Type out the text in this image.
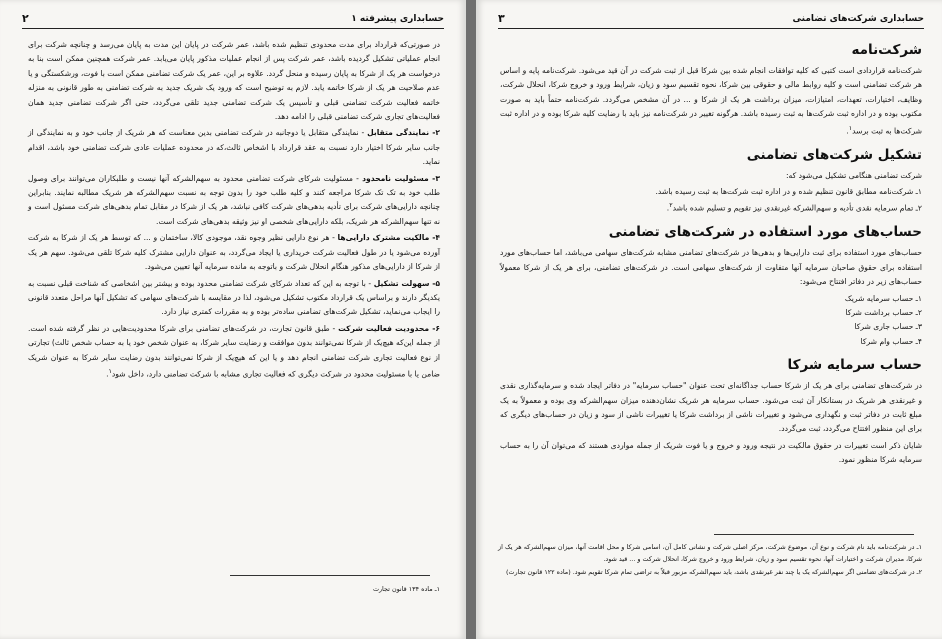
حسابداری پیشرفته ۱
۲

در صورتی‌که قرارداد برای مدت محدودی تنظیم شده باشد، عمر شرکت در پایان این مدت به پایان می‌رسد و چنانچه شرکت برای انجام عملیاتی تشکیل گردیده باشد، عمر شرکت پس از انجام عملیات مذکور پایان می‌یابد. عمر شرکت همچنین ممکن است بنا به درخواست هر یک از شرکا به پایان رسیده و منحل گردد. علاوه بر این، عمر یک شرکت تضامنی ممکن است با فوت، ورشکستگی و یا عدم صلاحیت هر یک از شرکا خاتمه یابد. لازم به توضیح است که ورود یک شریک جدید به شرکت تضامنی به طور قانونی به منزله خاتمه فعالیت شرکت تضامنی قبلی و تأسیس یک شرکت تضامنی جدید تلقی می‌گردد، حتی اگر شرکت تضامنی جدید همان فعالیت‌های تجاری شرکت تضامنی قبلی را ادامه دهد.

۲- نمایندگی متقابل - نمایندگی متقابل یا دوجانبه در شرکت تضامنی بدین معناست که هر شریک از جانب خود و به نمایندگی از جانب سایر شرکا اختیار دارد نسبت به عقد قرارداد با اشخاص ثالث،که در محدوده عملیات عادی شرکت تضامنی خود باشد، اقدام نماید.

۳- مسئولیت نامحدود - مسئولیت شرکای شرکت تضامنی محدود به سهم‌الشرکه آنها نیست و طلبکاران می‌توانند برای وصول طلب خود به تک تک شرکا مراجعه کنند و کلیه طلب خود را بدون توجه به نسبت سهم‌الشرکه هر شریک مطالبه نمایند. بنابراین چنانچه دارایی‌های شرکت برای تأدیه بدهی‌های شرکت کافی نباشد، هر یک از شرکا در مقابل تمام بدهی‌های شرکت مسئول است و نه تنها سهم‌الشرکه هر شریک، بلکه دارایی‌های شخصی او نیز وثیقه بدهی‌های شرکت است.

۴- مالکیت مشترک دارایی‌ها - هر نوع دارایی نظیر وجوه نقد، موجودی کالا، ساختمان و ... که توسط هر یک از شرکا به شرکت آورده می‌شود یا در طول فعالیت شرکت خریداری یا ایجاد می‌گردد، به عنوان دارایی مشترک کلیه شرکا تلقی می‌شود. سهم هر یک از شرکا از دارایی‌های مذکور هنگام انحلال شرکت و باتوجه به مانده سرمایه آنها تعیین می‌شود.

۵- سهولت تشکیل - با توجه به این که تعداد شرکای شرکت تضامنی محدود بوده و بیشتر بین اشخاصی که شناخت قبلی نسبت به یکدیگر دارند و براساس یک قرارداد مکتوب تشکیل می‌شود، لذا در مقایسه با شرکت‌های سهامی که تشکیل آنها مراحل متعدد قانونی را ایجاب می‌نماید، تشکیل شرکت‌های تضامنی ساده‌تر بوده و به مقررات کمتری نیاز دارد.

۶- محدودیت فعالیت شرکت - طبق قانون تجارت، در شرکت‌های تضامنی برای شرکا محدودیت‌هایی در نظر گرفته شده است. از جمله این‌که هیچ‌یک از شرکا نمی‌توانند بدون موافقت و رضایت سایر شرکا، به عنوان شخص خود یا به حساب شخص ثالث) تجارتی از نوع فعالیت تجاری شرکت تضامنی انجام دهد و یا این که هیچ‌یک از شرکا نمی‌توانند بدون رضایت سایر شرکا به عنوان شریک ضامن یا با مسئولیت محدود در شرکت دیگری که فعالیت تجاری مشابه با شرکت تضامنی دارد، داخل شود$^۱$.

۱ـ ماده ۱۳۴ قانون تجارت
حسابداری شرکت‌های تضامنی
۳
شرکت‌نامه

شرکت‌نامه قراردادی است کتبی که کلیه توافقات انجام شده بین شرکا قبل از ثبت شرکت در آن قید می‌شود. شرکت‌نامه پایه و اساس هر شرکت تضامنی است و کلیه روابط مالی و حقوقی بین شرکا، نحوه تقسیم سود و زیان، شرایط ورود و خروج شرکا، انحلال شرکت، وظایف، اختیارات، تعهدات، امتیازات، میزان برداشت هر یک از شرکا و ... در آن مشخص می‌گردد. شرکت‌نامه حتماً باید به صورت مکتوب بوده و در اداره ثبت شرکت‌ها به ثبت رسیده باشد. هرگونه تغییر در شرکت‌نامه نیز باید با رضایت کلیه شرکا بوده و در اداره ثبت شرکت‌ها به ثبت برسد$^۱$.

تشکیل شرکت‌های تضامنی

شرکت تضامنی هنگامی تشکیل می‌شود که:

۱ـ شرکت‌نامه مطابق قانون تنظیم شده و در اداره ثبت شرکت‌ها به ثبت رسیده باشد.

۲ـ تمام سرمایه نقدی تأدیه و سهم‌الشرکه غیرنقدی نیز تقویم و تسلیم شده باشد$^۲$.

حساب‌های مورد استفاده در شرکت‌های تضامنی

حساب‌های مورد استفاده برای ثبت دارایی‌ها و بدهی‌ها در شرکت‌های تضامنی مشابه شرکت‌های سهامی می‌باشد، اما حساب‌های مورد استفاده برای حقوق صاحبان سرمایه آنها متفاوت از شرکت‌های سهامی است. در شرکت‌های تضامنی، برای هر یک از شرکا معمولاً حساب‌های زیر در دفاتر افتتاح می‌شود:

۱ـ حساب سرمایه شریک

۲ـ حساب برداشت شرکا

۳ـ حساب جاری شرکا

۴ـ حساب وام شرکا

حساب سرمایه شرکا

در شرکت‌های تضامنی برای هر یک از شرکا حساب جداگانه‌ای تحت عنوان "حساب سرمایه" در دفاتر ایجاد شده و سرمایه‌گذاری نقدی و غیرنقدی هر شریک در بستانکار آن ثبت می‌شود. حساب سرمایه هر شریک نشان‌دهنده میزان سهم‌الشرکه وی بوده و معمولاً به یک مبلغ ثابت در دفاتر ثبت و نگهداری می‌شود و تغییرات ناشی از برداشت شرکا یا تغییرات ناشی از سود و زیان در حساب‌های دیگری که برای این منظور افتتاح می‌گردد، ثبت می‌گردد.

شایان ذکر است تغییرات در حقوق مالکیت در نتیجه ورود و خروج و یا فوت شریک از جمله مواردی هستند که می‌توان آن را به حساب سرمایه شرکا منظور نمود.

۱ـ در شرکت‌نامه باید نام شرکت و نوع آن، موضوع شرکت، مرکز اصلی شرکت و نشانی کامل آن، اسامی شرکا و محل اقامت آنها، میزان سهم‌الشرکه هر یک از شرکا، مدیران شرکت و اختیارات آنها، نحوه تقسیم سود و زیان، شرایط ورود و خروج شرکا، انحلال شرکت و ... قید شود.

۲ـ در شرکت‌های تضامنی اگر سهم‌الشرکه یک یا چند نفر غیرنقدی باشد، باید سهم‌الشرکه مزبور قبلاً به تراضی تمام شرکا تقویم شود. (ماده ۱۲۲ قانون تجارت)
